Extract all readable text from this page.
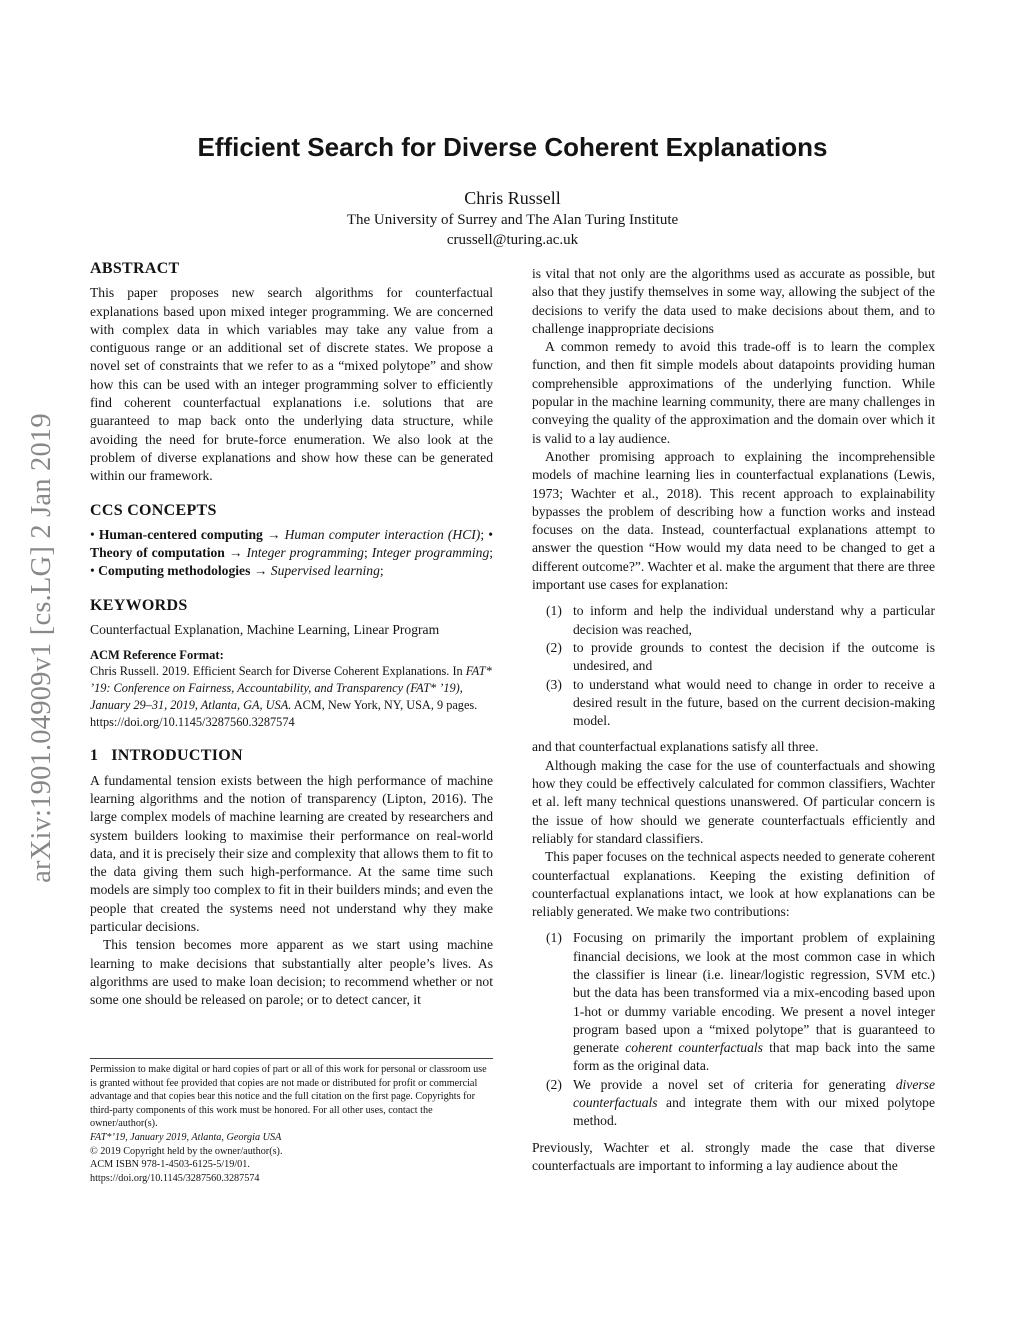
arXiv:1901.04909v1 [cs.LG] 2 Jan 2019
Efficient Search for Diverse Coherent Explanations
Chris Russell
The University of Surrey and The Alan Turing Institute
crussell@turing.ac.uk
ABSTRACT

This paper proposes new search algorithms for counterfactual explanations based upon mixed integer programming. We are concerned with complex data in which variables may take any value from a contiguous range or an additional set of discrete states. We propose a novel set of constraints that we refer to as a “mixed polytope” and show how this can be used with an integer programming solver to efficiently find coherent counterfactual explanations i.e. solutions that are guaranteed to map back onto the underlying data structure, while avoiding the need for brute-force enumeration. We also look at the problem of diverse explanations and show how these can be generated within our framework.

CCS CONCEPTS

• Human-centered computing → Human computer interaction (HCI); • Theory of computation → Integer programming; Integer programming; • Computing methodologies → Supervised learning;

KEYWORDS

Counterfactual Explanation, Machine Learning, Linear Program

ACM Reference Format:

Chris Russell. 2019. Efficient Search for Diverse Coherent Explanations. In FAT* ’19: Conference on Fairness, Accountability, and Transparency (FAT* ’19), January 29–31, 2019, Atlanta, GA, USA. ACM, New York, NY, USA, 9 pages. https://doi.org/10.1145/3287560.3287574

1 INTRODUCTION

A fundamental tension exists between the high performance of machine learning algorithms and the notion of transparency (Lipton, 2016). The large complex models of machine learning are created by researchers and system builders looking to maximise their performance on real-world data, and it is precisely their size and complexity that allows them to fit to the data giving them such high-performance. At the same time such models are simply too complex to fit in their builders minds; and even the people that created the systems need not understand why they make particular decisions.

This tension becomes more apparent as we start using machine learning to make decisions that substantially alter people’s lives. As algorithms are used to make loan decision; to recommend whether or not some one should be released on parole; or to detect cancer, it

Permission to make digital or hard copies of part or all of this work for personal or classroom use is granted without fee provided that copies are not made or distributed for profit or commercial advantage and that copies bear this notice and the full citation on the first page. Copyrights for third-party components of this work must be honored. For all other uses, contact the owner/author(s).

FAT*’19, January 2019, Atlanta, Georgia USA

© 2019 Copyright held by the owner/author(s).

ACM ISBN 978-1-4503-6125-5/19/01.

https://doi.org/10.1145/3287560.3287574

is vital that not only are the algorithms used as accurate as possible, but also that they justify themselves in some way, allowing the subject of the decisions to verify the data used to make decisions about them, and to challenge inappropriate decisions

A common remedy to avoid this trade-off is to learn the complex function, and then fit simple models about datapoints providing human comprehensible approximations of the underlying function. While popular in the machine learning community, there are many challenges in conveying the quality of the approximation and the domain over which it is valid to a lay audience.

Another promising approach to explaining the incomprehensible models of machine learning lies in counterfactual explanations (Lewis, 1973; Wachter et al., 2018). This recent approach to explainability bypasses the problem of describing how a function works and instead focuses on the data. Instead, counterfactual explanations attempt to answer the question “How would my data need to be changed to get a different outcome?”. Wachter et al. make the argument that there are three important use cases for explanation:

(1) to inform and help the individual understand why a particular decision was reached,
(2) to provide grounds to contest the decision if the outcome is undesired, and
(3) to understand what would need to change in order to receive a desired result in the future, based on the current decision-making model.

and that counterfactual explanations satisfy all three.

Although making the case for the use of counterfactuals and showing how they could be effectively calculated for common classifiers, Wachter et al. left many technical questions unanswered. Of particular concern is the issue of how should we generate counterfactuals efficiently and reliably for standard classifiers.

This paper focuses on the technical aspects needed to generate coherent counterfactual explanations. Keeping the existing definition of counterfactual explanations intact, we look at how explanations can be reliably generated. We make two contributions:

(1) Focusing on primarily the important problem of explaining financial decisions, we look at the most common case in which the classifier is linear (i.e. linear/logistic regression, SVM etc.) but the data has been transformed via a mix-encoding based upon 1-hot or dummy variable encoding. We present a novel integer program based upon a “mixed polytope” that is guaranteed to generate coherent counterfactuals that map back into the same form as the original data.
(2) We provide a novel set of criteria for generating diverse counterfactuals and integrate them with our mixed polytope method.

Previously, Wachter et al. strongly made the case that diverse counterfactuals are important to informing a lay audience about the
